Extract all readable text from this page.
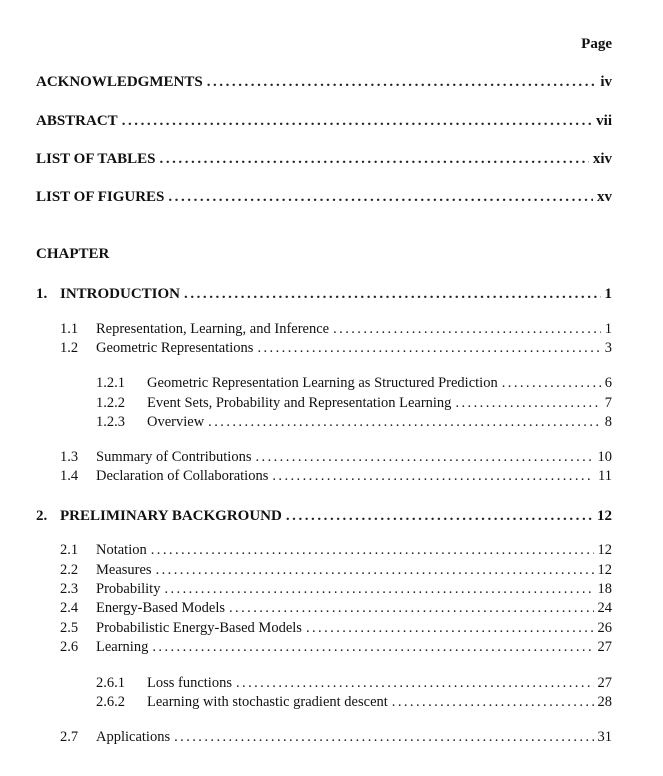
Page
ACKNOWLEDGMENTS . . .	iv
ABSTRACT . . .	vii
LIST OF TABLES . . .	xiv
LIST OF FIGURES . . .	xv
CHAPTER
1. INTRODUCTION . . .	1
1.1	Representation, Learning, and Inference . . .	1
1.2	Geometric Representations . . .	3
1.2.1	Geometric Representation Learning as Structured Prediction . . .	6
1.2.2	Event Sets, Probability and Representation Learning . . .	7
1.2.3	Overview . . .	8
1.3	Summary of Contributions . . .	10
1.4	Declaration of Collaborations . . .	11
2. PRELIMINARY BACKGROUND . . .	12
2.1	Notation . . .	12
2.2	Measures . . .	12
2.3	Probability . . .	18
2.4	Energy-Based Models . . .	24
2.5	Probabilistic Energy-Based Models . . .	26
2.6	Learning . . .	27
2.6.1	Loss functions . . .	27
2.6.2	Learning with stochastic gradient descent . . .	28
2.7	Applications . . .	31
